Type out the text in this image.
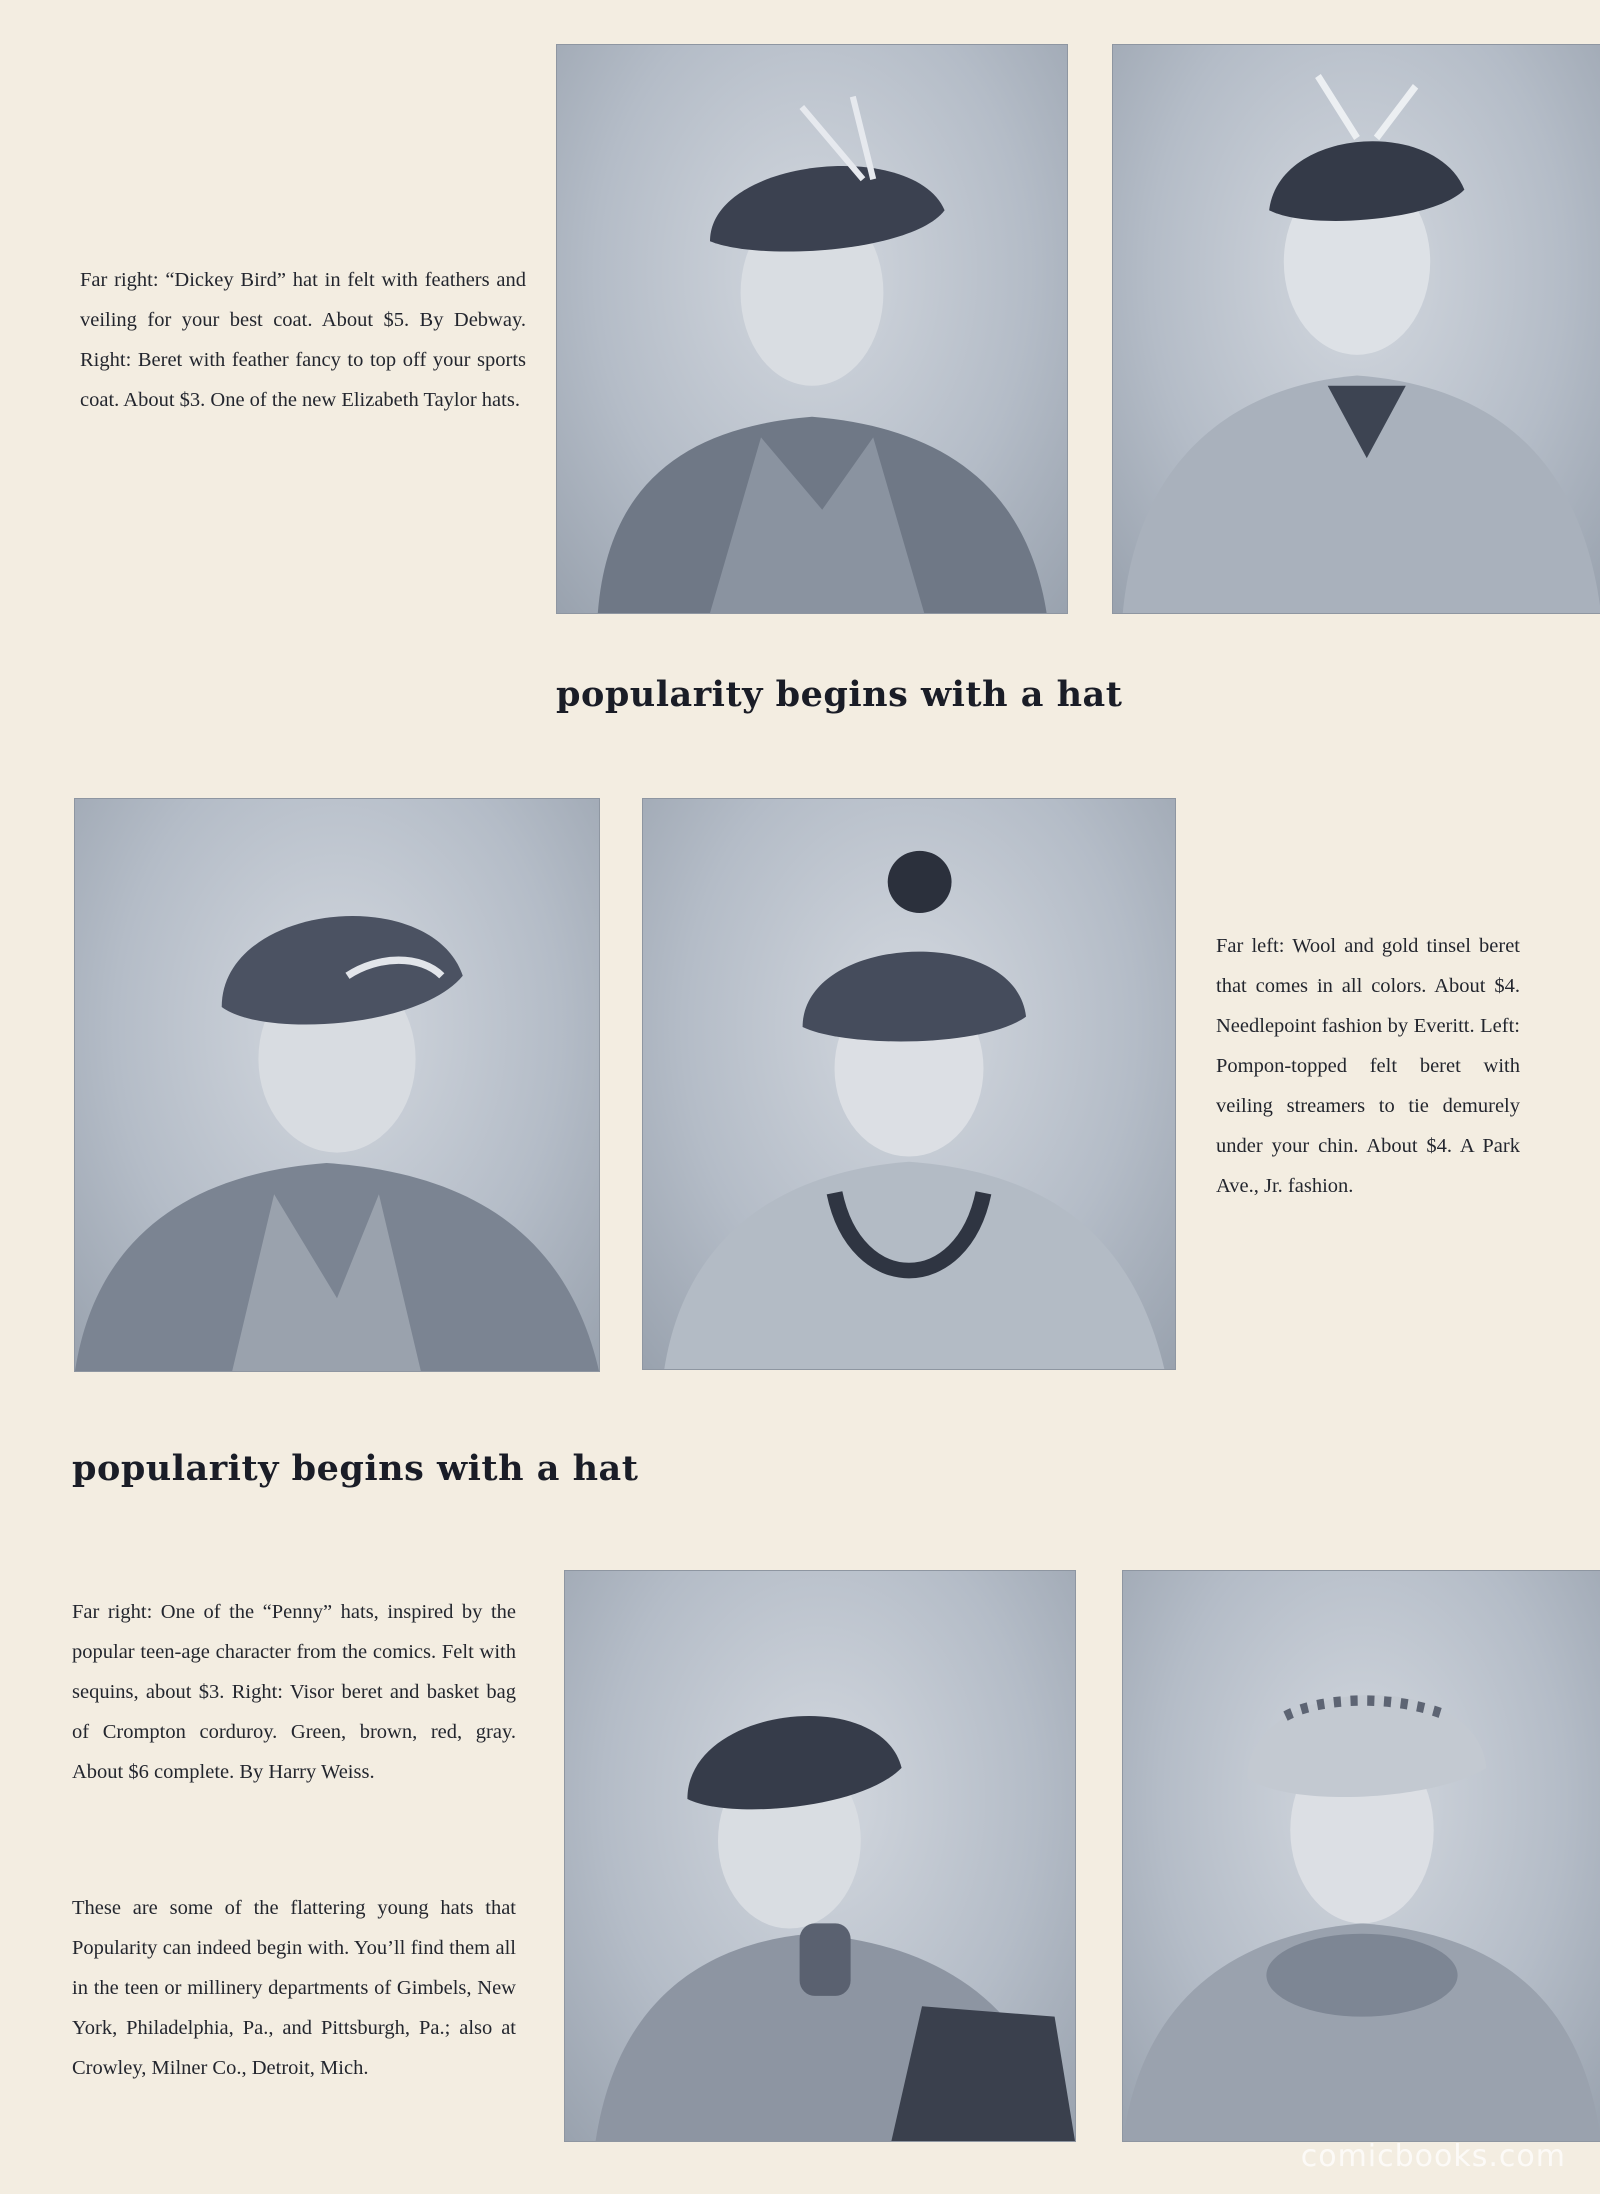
Far right: “Dickey Bird” hat in felt with feathers and veiling for your best coat. About $5. By Debway. Right: Beret with feather fancy to top off your sports coat. About $3. One of the new Elizabeth Taylor hats.
popularity begins with a hat
Far left: Wool and gold tinsel beret that comes in all colors. About $4. Needlepoint fashion by Everitt. Left: Pompon-topped felt beret with veiling streamers to tie demurely under your chin. About $4. A Park Ave., Jr. fashion.
popularity begins with a hat
Far right: One of the “Penny” hats, inspired by the popular teen-age character from the comics. Felt with sequins, about $3. Right: Visor beret and basket bag of Crompton corduroy. Green, brown, red, gray. About $6 complete. By Harry Weiss.
These are some of the flattering young hats that Popularity can indeed begin with. You’ll find them all in the teen or millinery departments of Gimbels, New York, Philadelphia, Pa., and Pittsburgh, Pa.; also at Crowley, Milner Co., Detroit, Mich.
comicbooks.com
